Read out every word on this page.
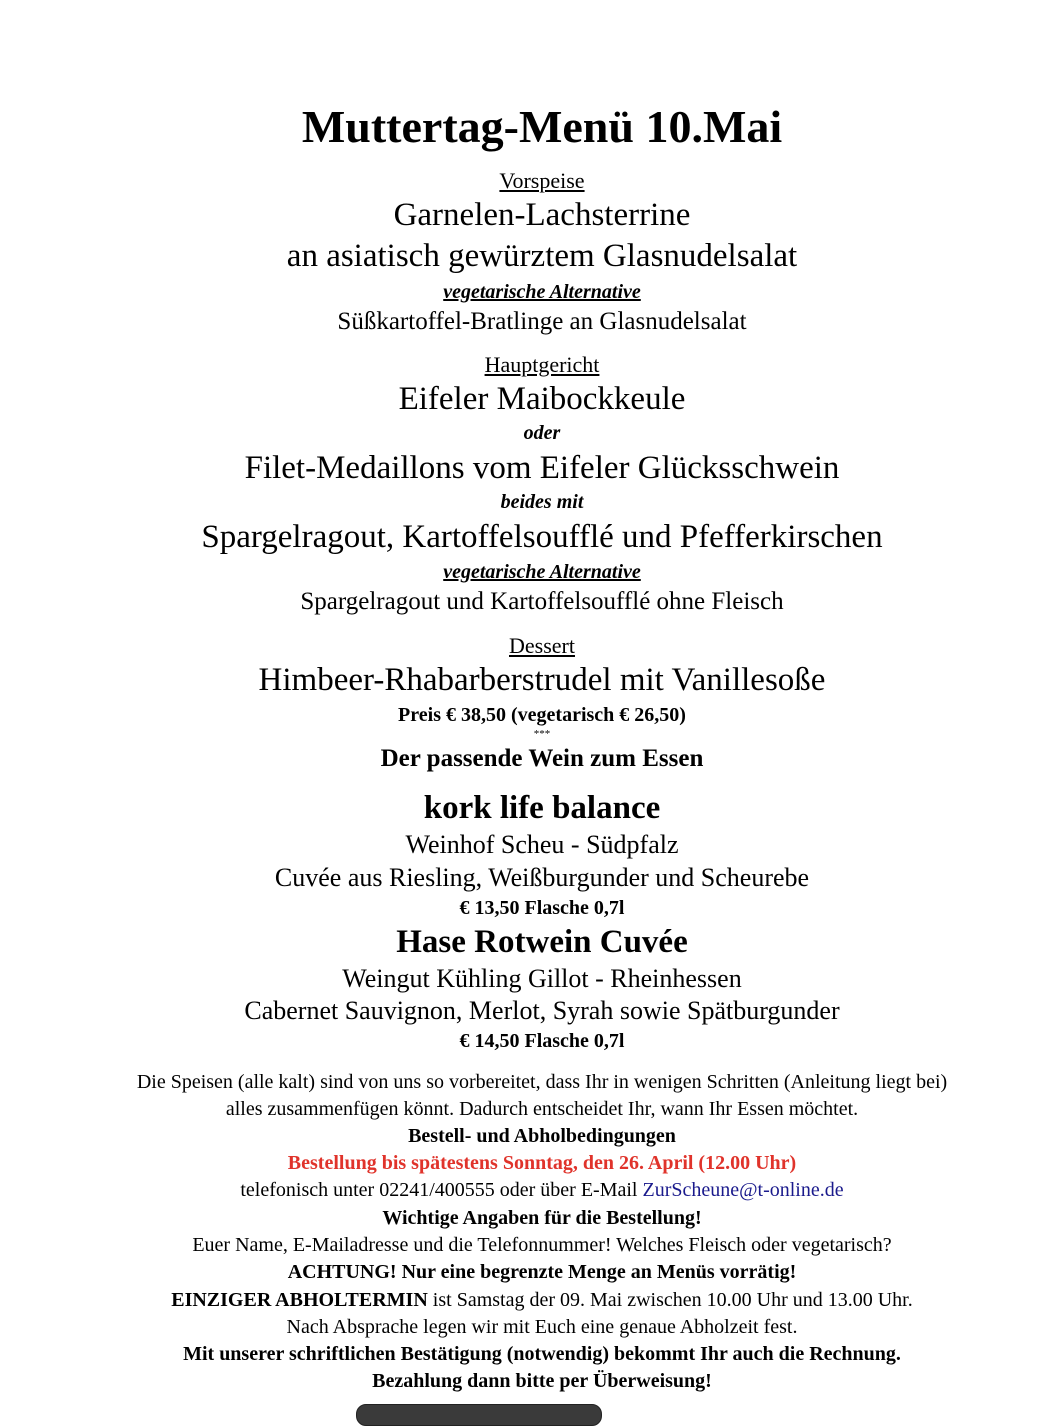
Muttertag-Menü 10.Mai
Vorspeise
Garnelen-Lachsterrine
an asiatisch gewürztem Glasnudelsalat
vegetarische Alternative
Süßkartoffel-Bratlinge an Glasnudelsalat
Hauptgericht
Eifeler Maibockkeule
oder
Filet-Medaillons vom Eifeler Glücksschwein
beides mit
Spargelragout, Kartoffelsoufflé und Pfefferkirschen
vegetarische Alternative
Spargelragout und Kartoffelsoufflé ohne Fleisch
Dessert
Himbeer-Rhabarberstrudel mit Vanillesoße
Preis € 38,50 (vegetarisch € 26,50)
***
Der passende Wein zum Essen
kork life balance
Weinhof Scheu - Südpfalz
Cuvée aus Riesling, Weißburgunder und Scheurebe
€ 13,50 Flasche 0,7l
Hase Rotwein Cuvée
Weingut Kühling Gillot - Rheinhessen
Cabernet Sauvignon, Merlot, Syrah sowie Spätburgunder
€ 14,50 Flasche 0,7l
Die Speisen (alle kalt) sind von uns so vorbereitet, dass Ihr in wenigen Schritten (Anleitung liegt bei)
alles zusammenfügen könnt. Dadurch entscheidet Ihr, wann Ihr Essen möchtet.
Bestell- und Abholbedingungen
Bestellung bis spätestens Sonntag, den 26. April (12.00 Uhr)
telefonisch unter 02241/400555 oder über E-Mail ZurScheune@t-online.de
Wichtige Angaben für die Bestellung!
Euer Name, E-Mailadresse und die Telefonnummer! Welches Fleisch oder vegetarisch?
ACHTUNG! Nur eine begrenzte Menge an Menüs vorrätig!
EINZIGER ABHOLTERMIN ist Samstag der 09. Mai zwischen 10.00 Uhr und 13.00 Uhr.
Nach Absprache legen wir mit Euch eine genaue Abholzeit fest.
Mit unserer schriftlichen Bestätigung (notwendig) bekommt Ihr auch die Rechnung.
Bezahlung dann bitte per Überweisung!
